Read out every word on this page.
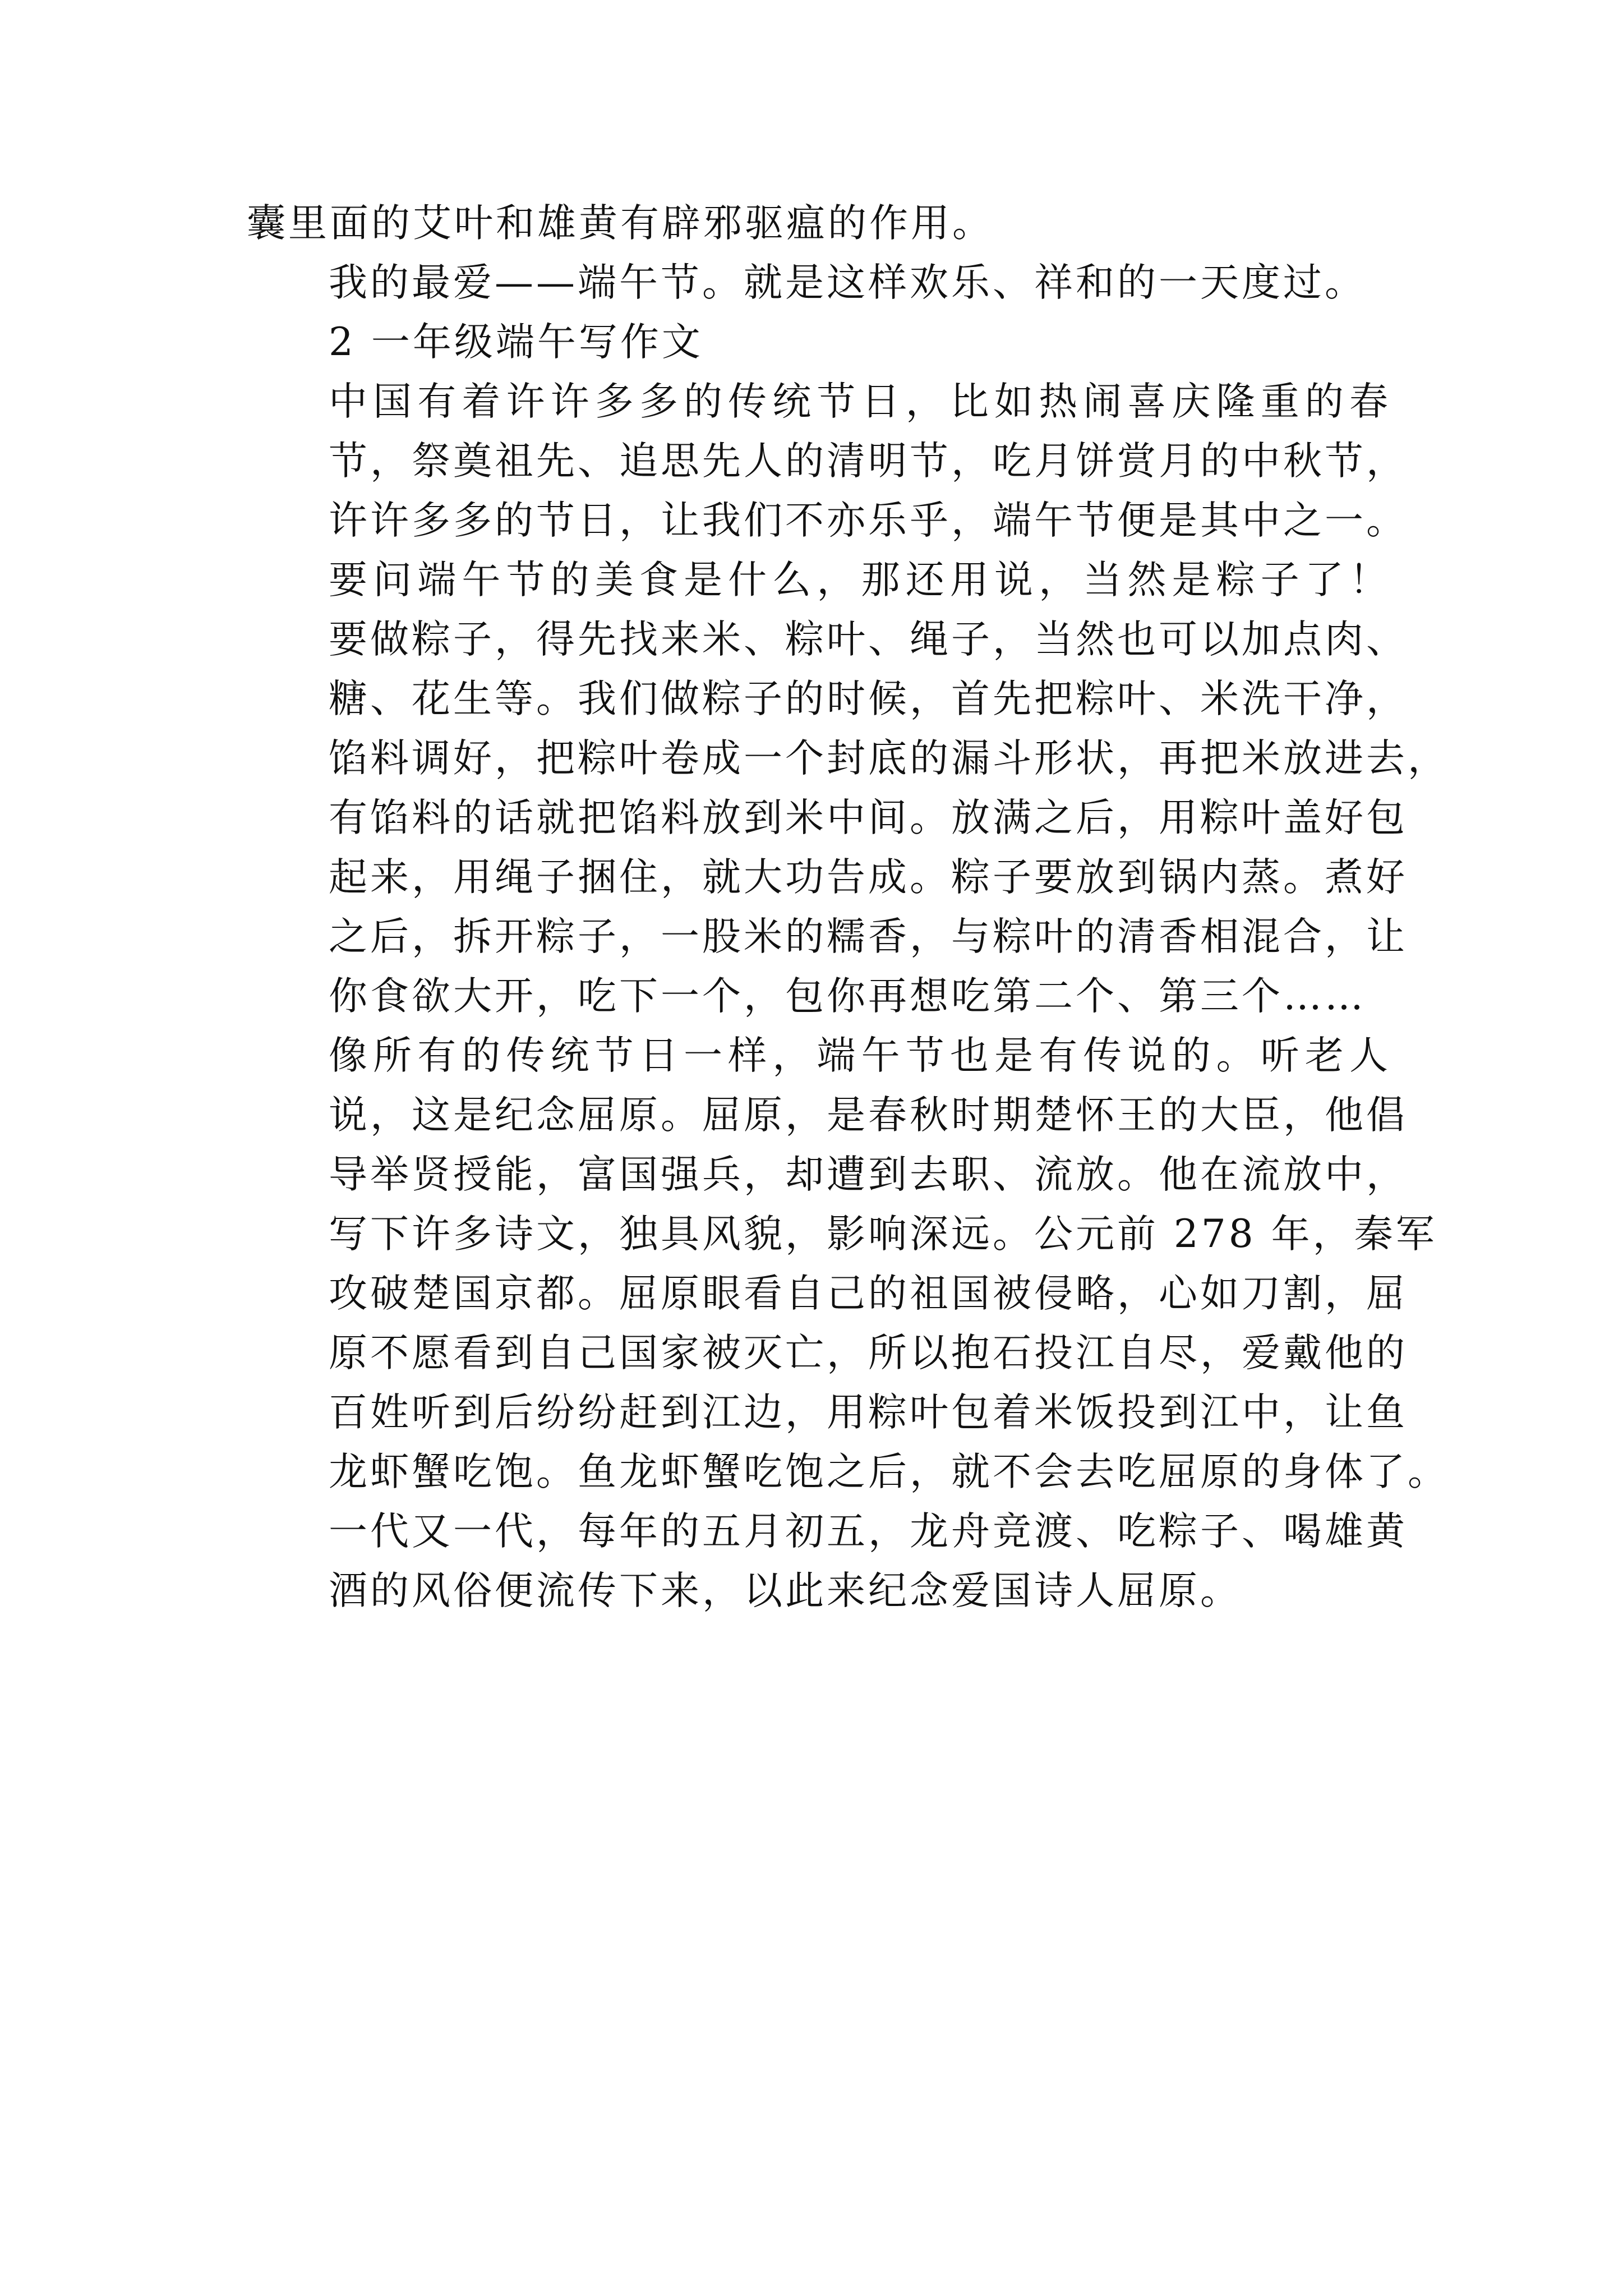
囊里面的艾叶和雄黄有辟邪驱瘟的作用。

我的最爱——端午节。就是这样欢乐、祥和的一天度过。

2 一年级端午写作文

中国有着许许多多的传统节日，比如热闹喜庆隆重的春
节，祭奠祖先、追思先人的清明节，吃月饼赏月的中秋节，
许许多多的节日，让我们不亦乐乎，端午节便是其中之一。

要问端午节的美食是什么，那还用说，当然是粽子了！
要做粽子，得先找来米、粽叶、绳子，当然也可以加点肉、
糖、花生等。我们做粽子的时候，首先把粽叶、米洗干净，
馅料调好，把粽叶卷成一个封底的漏斗形状，再把米放进去，
有馅料的话就把馅料放到米中间。放满之后，用粽叶盖好包
起来，用绳子捆住，就大功告成。粽子要放到锅内蒸。煮好
之后，拆开粽子，一股米的糯香，与粽叶的清香相混合，让
你食欲大开，吃下一个，包你再想吃第二个、第三个……

像所有的传统节日一样，端午节也是有传说的。听老人
说，这是纪念屈原。屈原，是春秋时期楚怀王的大臣，他倡
导举贤授能，富国强兵，却遭到去职、流放。他在流放中，
写下许多诗文，独具风貌，影响深远。公元前 278 年，秦军
攻破楚国京都。屈原眼看自己的祖国被侵略，心如刀割，屈
原不愿看到自己国家被灭亡，所以抱石投江自尽，爱戴他的
百姓听到后纷纷赶到江边，用粽叶包着米饭投到江中，让鱼
龙虾蟹吃饱。鱼龙虾蟹吃饱之后，就不会去吃屈原的身体了。
一代又一代，每年的五月初五，龙舟竞渡、吃粽子、喝雄黄
酒的风俗便流传下来，以此来纪念爱国诗人屈原。
